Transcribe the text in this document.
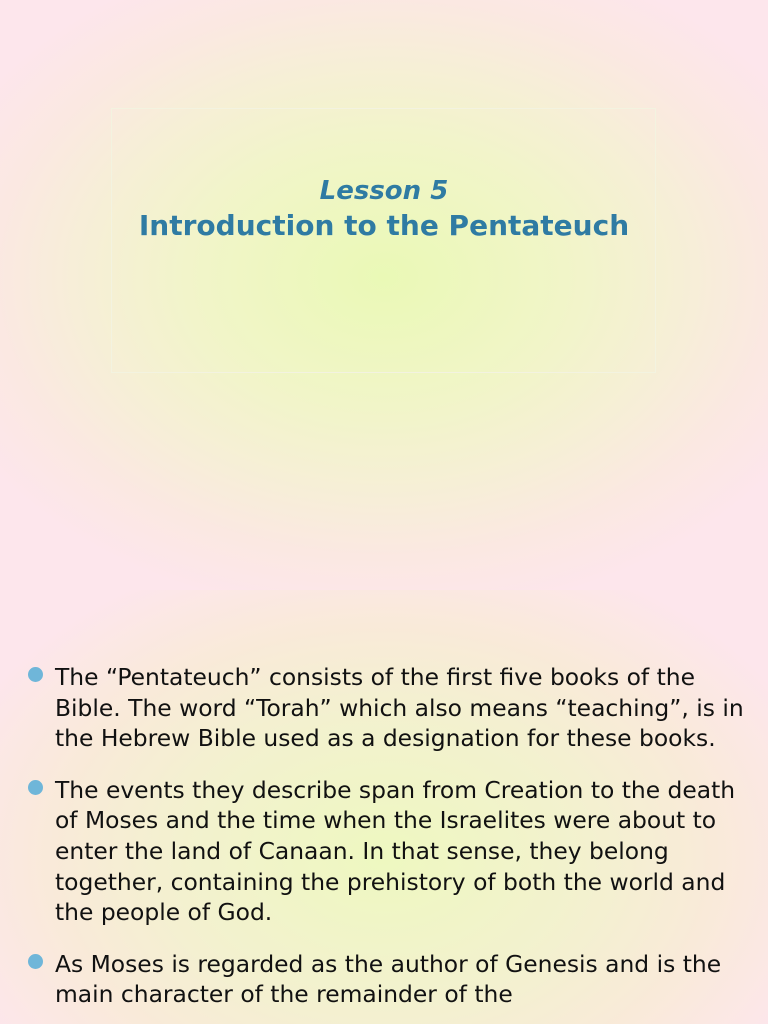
Lesson 5
Introduction to the Pentateuch
The “Pentateuch” consists of the first five books of the Bible. The word “Torah” which also means “teaching”, is in the Hebrew Bible used as a designation for these books.
The events they describe span from Creation to the death of Moses and the time when the Israelites were about to enter the land of Canaan. In that sense, they belong together, containing the prehistory of both the world and the people of God.
As Moses is regarded as the author of Genesis and is the main character of the remainder of the
